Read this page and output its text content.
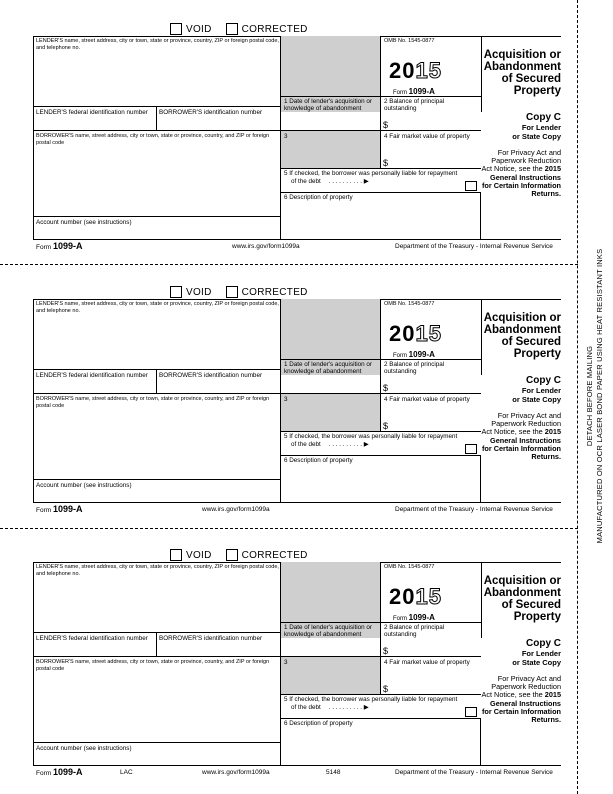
DETACH BEFORE MAILING MANUFACTURED ON OCR LASER BOND PAPER USING HEAT RESISTANT INKS
VOID	CORRECTED
LENDER'S name, street address, city or town, state or province, country, ZIP or foreign postal code, and telephone no.
OMB No. 1545-0877
2015
Form 1099-A
Acquisition or Abandonment of Secured Property
LENDER'S federal identification number BORROWER'S identification number
BORROWER'S name, street address, city or town, state or province, country, and ZIP or foreign postal code
Account number (see instructions)
1 Date of lender's acquisition or knowledge of abandonment
2 Balance of principal outstanding
$
3	4 Fair market value of property
$
5 If checked, the borrower was personally liable for repayment
of the debt . . . . . . . . . . ▶
6 Description of property
Copy C
For Lender
or State Copy
For Privacy Act and Paperwork Reduction Act Notice, see the 2015 General Instructions for Certain Information Returns.
Form 1099-A	www.irs.gov/form1099a	Department of the Treasury - Internal Revenue Service
VOID	CORRECTED
LENDER'S name, street address, city or town, state or province, country, ZIP or foreign postal code, and telephone no.
OMB No. 1545-0877
2015
Form 1099-A
Acquisition or Abandonment of Secured Property
LENDER'S federal identification number BORROWER'S identification number
BORROWER'S name, street address, city or town, state or province, country, and ZIP or foreign postal code
Account number (see instructions)
1 Date of lender's acquisition or knowledge of abandonment
2 Balance of principal outstanding
$
3	4 Fair market value of property
$
5 If checked, the borrower was personally liable for repayment
of the debt . . . . . . . . . . ▶
6 Description of property
Copy C
For Lender
or State Copy
For Privacy Act and Paperwork Reduction Act Notice, see the 2015 General Instructions for Certain Information Returns.
Form 1099-A	www.irs.gov/form1099a	Department of the Treasury - Internal Revenue Service
VOID	CORRECTED
LENDER'S name, street address, city or town, state or province, country, ZIP or foreign postal code, and telephone no.
OMB No. 1545-0877
2015
Form 1099-A
Acquisition or Abandonment of Secured Property
LENDER'S federal identification number BORROWER'S identification number
BORROWER'S name, street address, city or town, state or province, country, and ZIP or foreign postal code
Account number (see instructions)
1 Date of lender's acquisition or knowledge of abandonment
2 Balance of principal outstanding
$
3	4 Fair market value of property
$
5 If checked, the borrower was personally liable for repayment
of the debt . . . . . . . . . . ▶
6 Description of property
Copy C
For Lender
or State Copy
For Privacy Act and Paperwork Reduction Act Notice, see the 2015 General Instructions for Certain Information Returns.
Form 1099-A	LAC	www.irs.gov/form1099a	5148	Department of the Treasury - Internal Revenue Service
